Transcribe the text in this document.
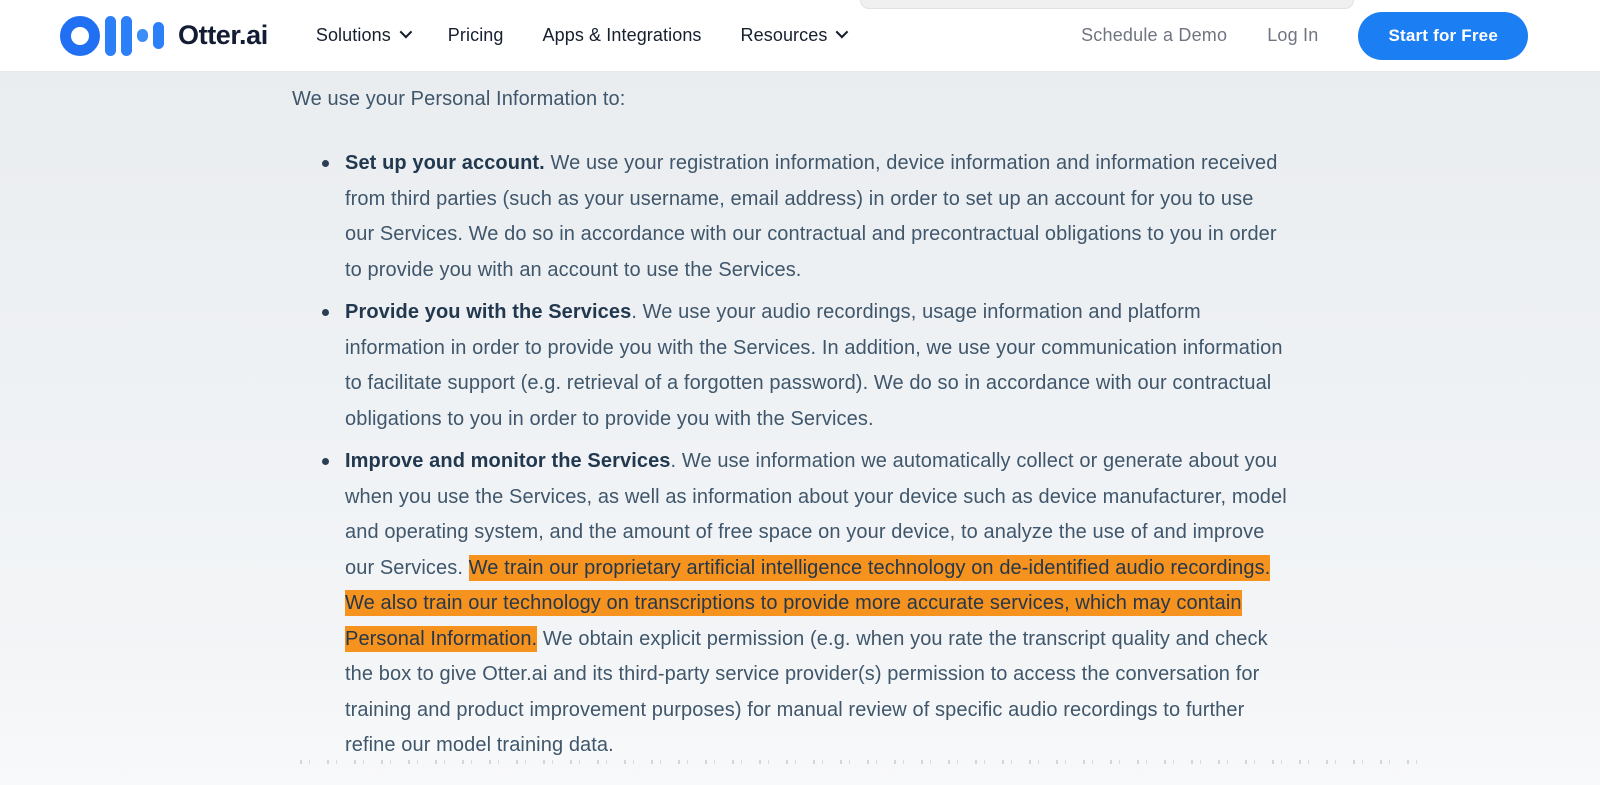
Otter.ai	Solutions	Pricing Apps & Integrations Resources	Schedule a Demo Log In	Start for Free

We use your Personal Information to:

Set up your account. We use your registration information, device information and information received from third parties (such as your username, email address) in order to set up an account for you to use our Services. We do so in accordance with our contractual and precontractual obligations to you in order to provide you with an account to use the Services.
Provide you with the Services. We use your audio recordings, usage information and platform information in order to provide you with the Services. In addition, we use your communication information to facilitate support (e.g. retrieval of a forgotten password). We do so in accordance with our contractual obligations to you in order to provide you with the Services.
Improve and monitor the Services. We use information we automatically collect or generate about you when you use the Services, as well as information about your device such as device manufacturer, model and operating system, and the amount of free space on your device, to analyze the use of and improve our Services. We train our proprietary artificial intelligence technology on de-identified audio recordings. We also train our technology on transcriptions to provide more accurate services, which may contain Personal Information. We obtain explicit permission (e.g. when you rate the transcript quality and check the box to give Otter.ai and its third-party service provider(s) permission to access the conversation for training and product improvement purposes) for manual review of specific audio recordings to further refine our model training data.
